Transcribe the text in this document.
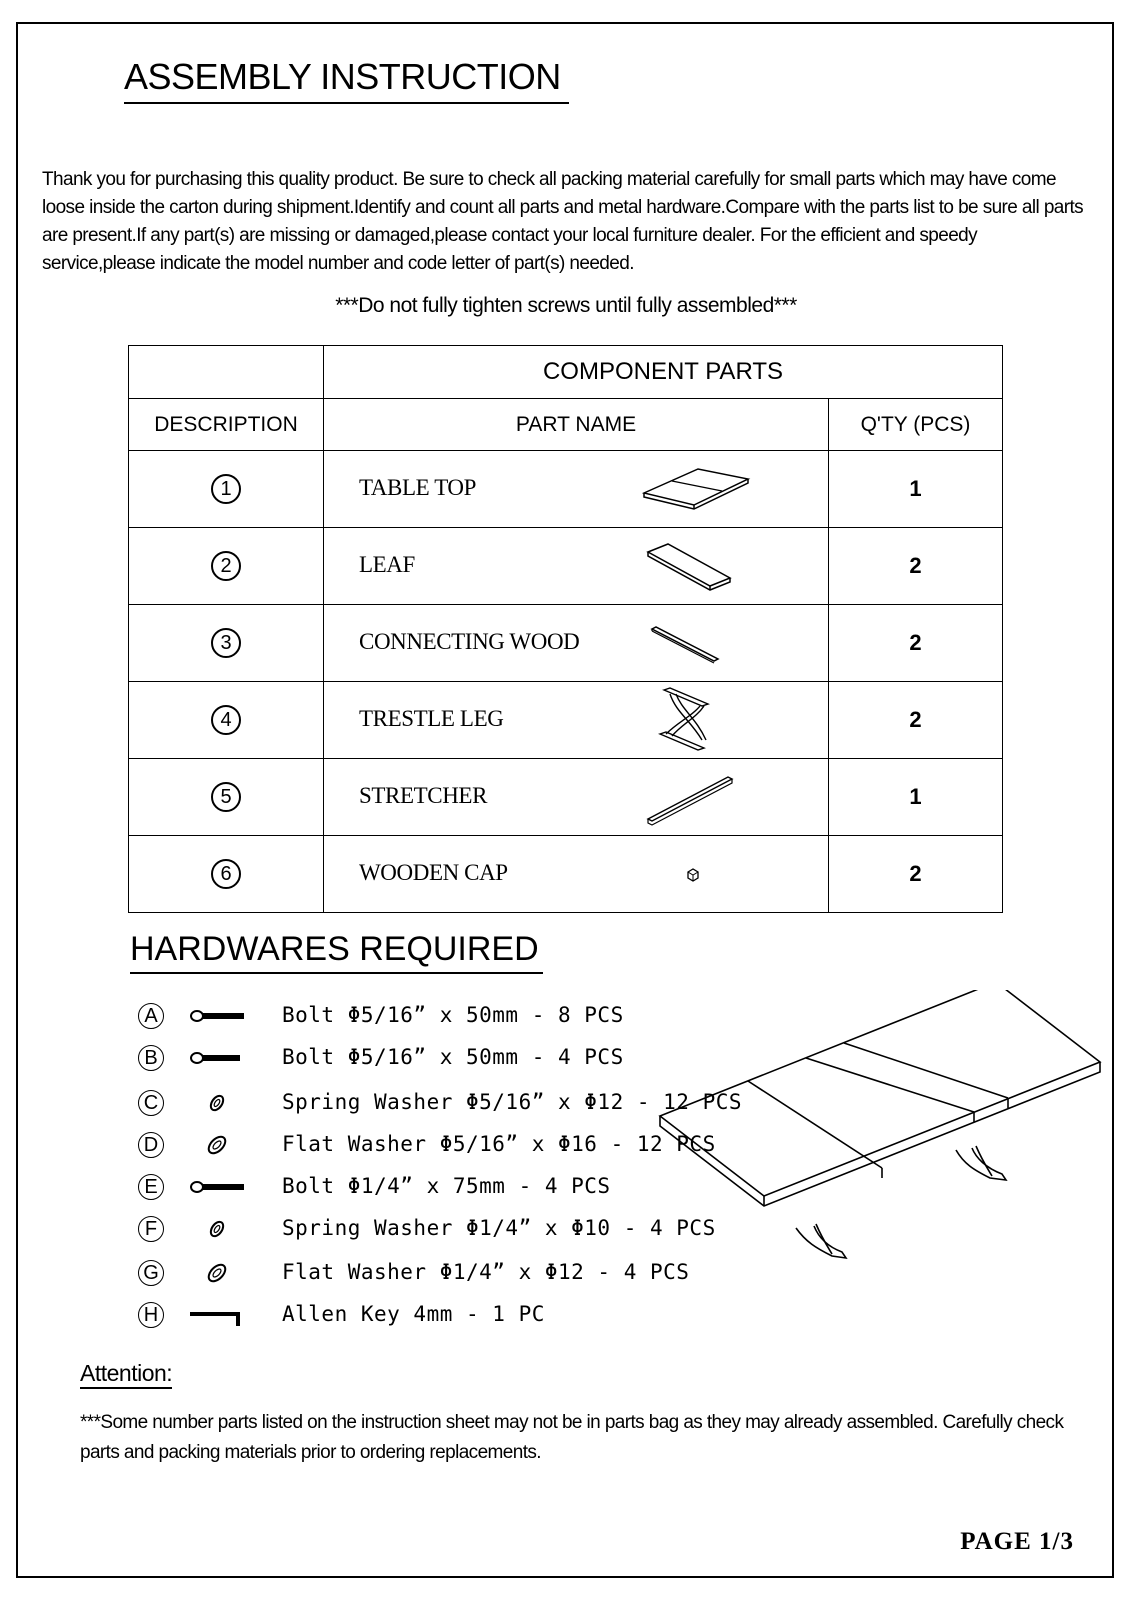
ASSEMBLY INSTRUCTION
Thank you for purchasing this quality product. Be sure to check all packing material carefully for small parts which may have come loose inside the carton during shipment.Identify and count all parts and metal hardware.Compare with the parts list to be sure all parts are present.If any part(s) are missing or damaged,please contact your local furniture dealer. For the efficient and speedy service,please indicate the model number and code letter of part(s) needed.
***Do not fully tighten screws until fully assembled***
	COMPONENT PARTS	
DESCRIPTION	PART NAME	Q'TY (PCS)
1	TABLE TOP	1
2	LEAF	2
3	CONNECTING WOOD	2
4	TRESTLE LEG	2
5	STRETCHER	1
6	WOODEN CAP	2
HARDWARES REQUIRED
A	Bolt Φ5/16” x 50mm - 8 PCS
B	Bolt Φ5/16” x 50mm - 4 PCS
C	Spring Washer Φ5/16” x Φ12 - 12 PCS
D	Flat Washer Φ5/16” x Φ16 - 12 PCS
E	Bolt Φ1/4” x 75mm - 4 PCS
F	Spring Washer Φ1/4” x Φ10 - 4 PCS
G	Flat Washer Φ1/4” x Φ12 - 4 PCS
H	Allen Key 4mm - 1 PC
Attention:
***Some number parts listed on the instruction sheet may not be in parts bag as they may already assembled. Carefully check parts and packing materials prior to ordering replacements.
PAGE 1/3
